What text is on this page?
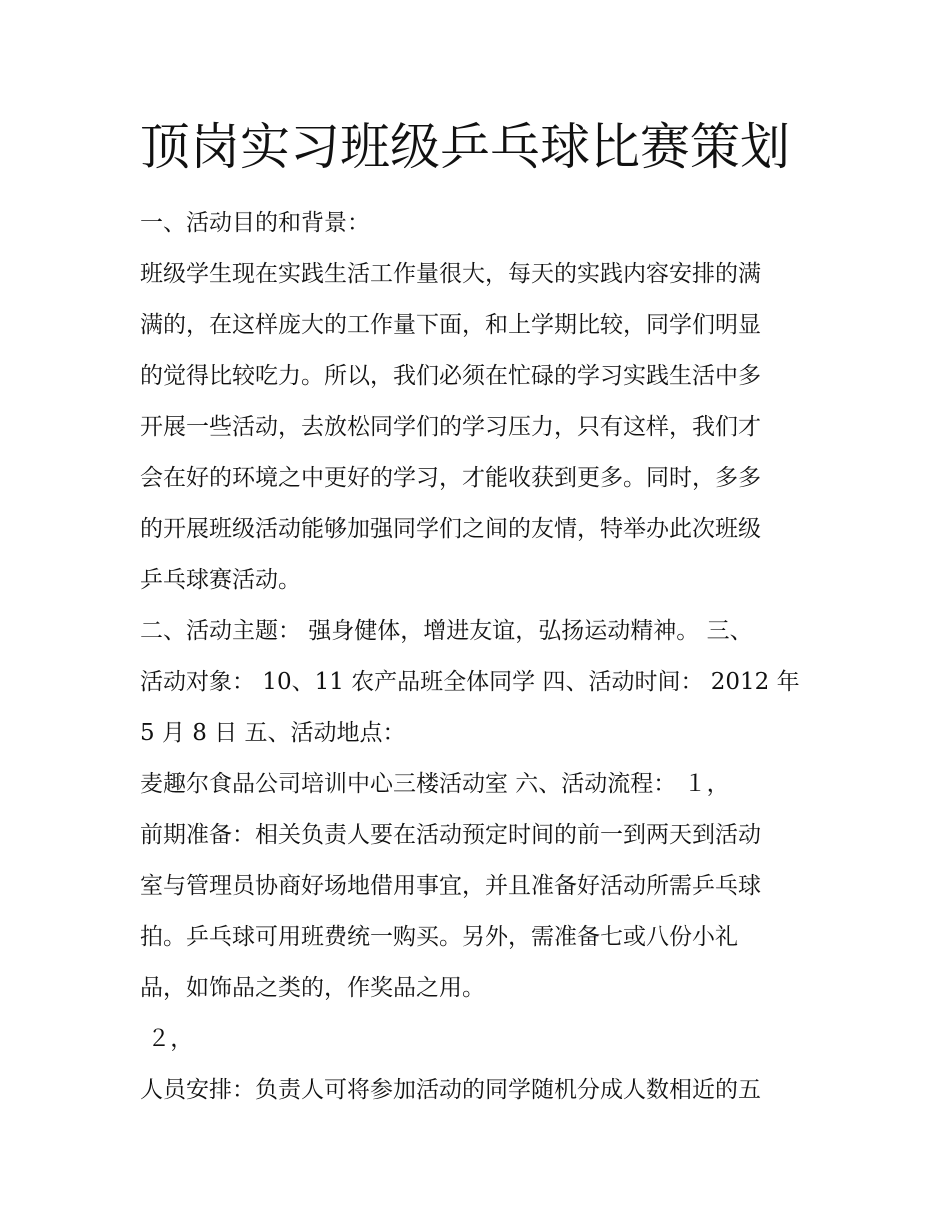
顶岗实习班级乒乓球比赛策划

一、活动目的和背景：

班级学生现在实践生活工作量很大，每天的实践内容安排的满

满的，在这样庞大的工作量下面，和上学期比较，同学们明显

的觉得比较吃力。所以，我们必须在忙碌的学习实践生活中多

开展一些活动，去放松同学们的学习压力，只有这样，我们才

会在好的环境之中更好的学习，才能收获到更多。同时，多多

的开展班级活动能够加强同学们之间的友情，特举办此次班级

乒乓球赛活动。

二、活动主题： 强身健体，增进友谊，弘扬运动精神。 三、

活动对象： 10、11 农产品班全体同学 四、活动时间： 2012 年

5 月 8 日 五、活动地点：

麦趣尔食品公司培训中心三楼活动室 六、活动流程： １，

前期准备：相关负责人要在活动预定时间的前一到两天到活动

室与管理员协商好场地借用事宜，并且准备好活动所需乒乓球

拍。乒乓球可用班费统一购买。另外，需准备七或八份小礼

品，如饰品之类的，作奖品之用。

２，

人员安排：负责人可将参加活动的同学随机分成人数相近的五
